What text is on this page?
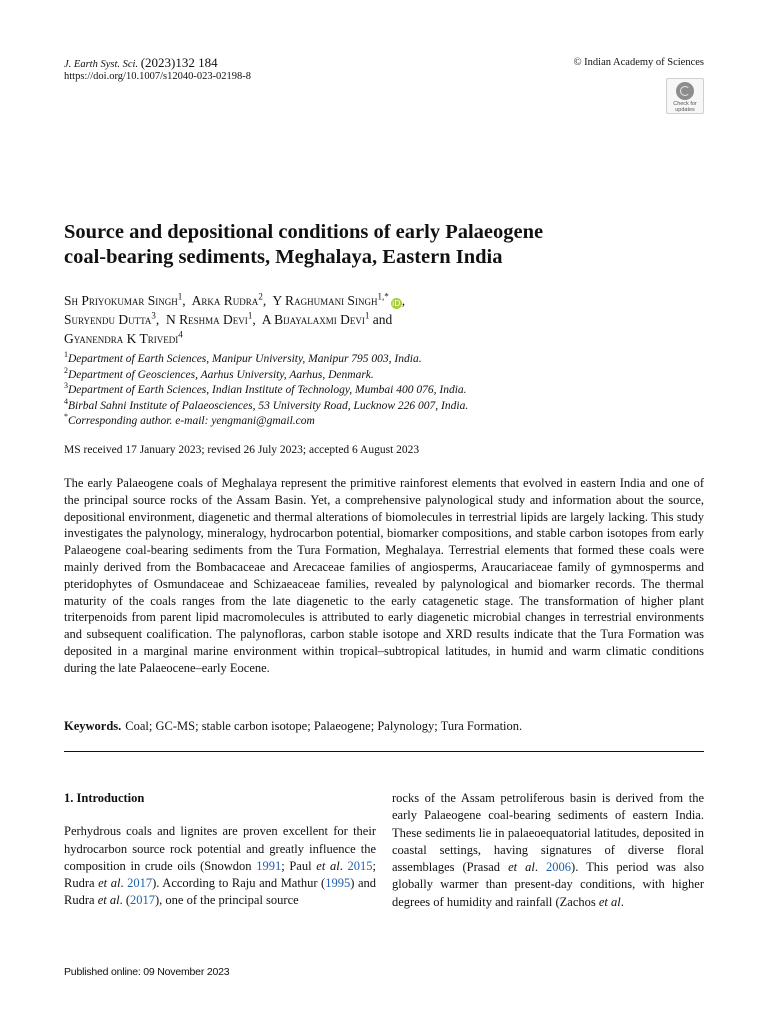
J. Earth Syst. Sci. (2023)132 184
https://doi.org/10.1007/s12040-023-02198-8
© Indian Academy of Sciences
Check for
updates
Source and depositional conditions of early Palaeogene
coal-bearing sediments, Meghalaya, Eastern India
Sh Priyokumar Singh$^1$,  Arka Rudra$^2$,  Y Raghumani Singh$^{1,*}$iD,
Suryendu Dutta$^3$,  N Reshma Devi$^1$,  A Bijayalaxmi Devi$^1$ and
Gyanendra K Trivedi$^4$
$^1$Department of Earth Sciences, Manipur University, Manipur 795 003, India.
$^2$Department of Geosciences, Aarhus University, Aarhus, Denmark.
$^3$Department of Earth Sciences, Indian Institute of Technology, Mumbai 400 076, India.
$^4$Birbal Sahni Institute of Palaeosciences, 53 University Road, Lucknow 226 007, India.
*Corresponding author. e-mail: yengmani@gmail.com
MS received 17 January 2023; revised 26 July 2023; accepted 6 August 2023
The early Palaeogene coals of Meghalaya represent the primitive rainforest elements that evolved in eastern India and one of the principal source rocks of the Assam Basin. Yet, a comprehensive palynological study and information about the source, depositional environment, diagenetic and thermal alterations of biomolecules in terrestrial lipids are largely lacking. This study investigates the palynology, mineralogy, hydrocarbon potential, biomarker compositions, and stable carbon isotopes from early Palaeogene coal-bearing sediments from the Tura Formation, Meghalaya. Terrestrial elements that formed these coals were mainly derived from the Bombacaceae and Arecaceae families of angiosperms, Araucariaceae family of gymnosperms and pteridophytes of Osmundaceae and Schizaeaceae families, revealed by palynological and biomarker records. The thermal maturity of the coals ranges from the late diagenetic to the early catagenetic stage. The transformation of higher plant triterpenoids from parent lipid macromolecules is attributed to early diagenetic microbial changes in terrestrial environments and subsequent coalification. The palynofloras, carbon stable isotope and XRD results indicate that the Tura Formation was deposited in a marginal marine environment within tropical–subtropical latitudes, in humid and warm climatic conditions during the late Palaeocene–early Eocene.
Keywords. Coal; GC-MS; stable carbon isotope; Palaeogene; Palynology; Tura Formation.

1. Introduction

Perhydrous coals and lignites are proven excellent for their hydrocarbon source rock potential and greatly influence the composition in crude oils (Snowdon 1991; Paul et al. 2015; Rudra et al. 2017). According to Raju and Mathur (1995) and Rudra et al. (2017), one of the principal source

rocks of the Assam petroliferous basin is derived from the early Palaeogene coal-bearing sediments of eastern India. These sediments lie in palaeoequatorial latitudes, deposited in coastal settings, having signatures of diverse floral assemblages (Prasad et al. 2006). This period was also globally warmer than present-day conditions, with higher degrees of humidity and rainfall (Zachos et al.

Published online: 09 November 2023
